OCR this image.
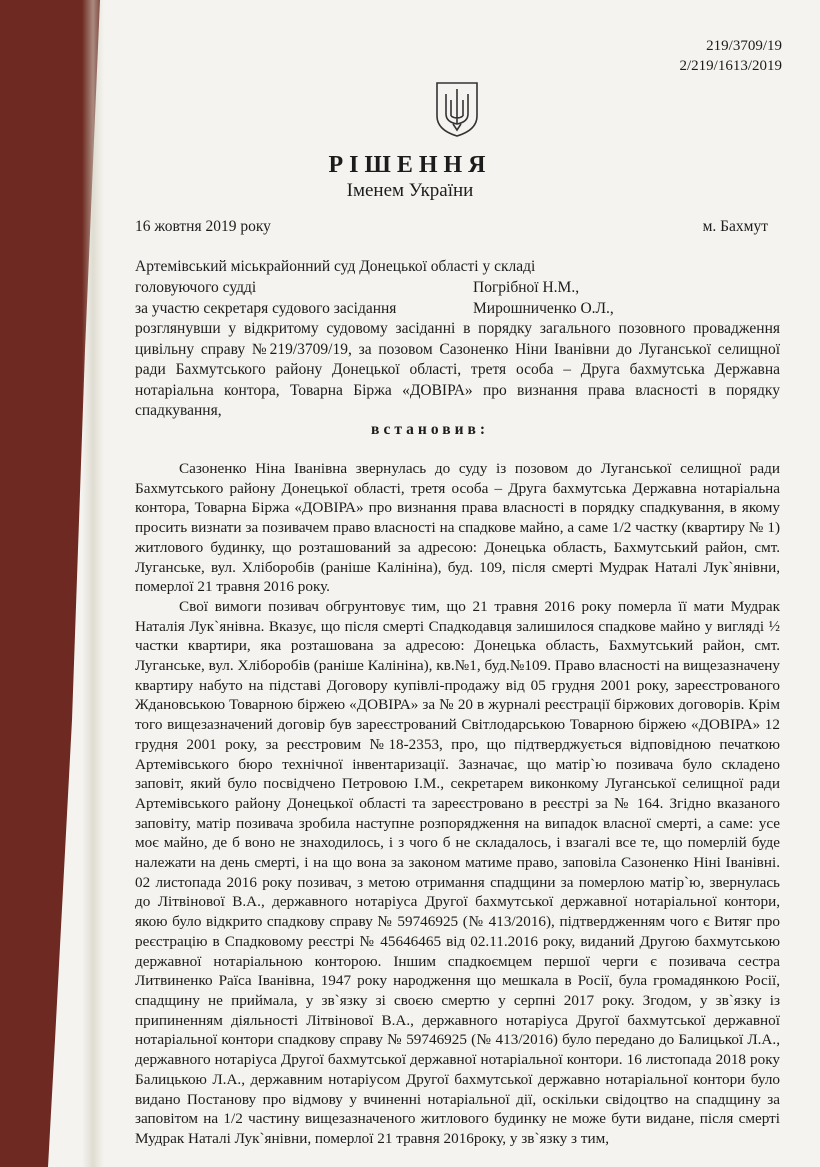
219/3709/19
2/219/1613/2019
РІШЕННЯ
Іменем України
16 жовтня 2019 року	м. Бахмут
Артемівський міськрайонний суд Донецької області у складі
головуючого судді	Погрібної Н.М.,
за участю секретаря судового засідання	Мирошниченко О.Л.,
розглянувши у відкритому судовому засіданні в порядку загального позовного провадження цивільну справу №219/3709/19, за позовом Сазоненко Ніни Іванівни до Луганської селищної ради Бахмутського району Донецької області, третя особа – Друга бахмутська Державна нотаріальна контора, Товарна Біржа «ДОВІРА» про визнання права власності в порядку спадкування,
встановив:

Сазоненко Ніна Іванівна звернулась до суду із позовом до Луганської селищної ради Бахмутського району Донецької області, третя особа – Друга бахмутська Державна нотаріальна контора, Товарна Біржа «ДОВІРА» про визнання права власності в порядку спадкування, в якому просить визнати за позивачем право власності на спадкове майно, а саме 1/2 частку (квартиру № 1) житлового будинку, що розташований за адресою: Донецька область, Бахмутський район, смт. Луганське, вул. Хліборобів (раніше Калініна), буд. 109, після смерті Мудрак Наталі Лук`янівни, померлої 21 травня 2016 року.

Свої вимоги позивач обгрунтовує тим, що 21 травня 2016 року померла її мати Мудрак Наталія Лук`янівна. Вказує, що після смерті Спадкодавця залишилося спадкове майно у вигляді ½ частки квартири, яка розташована за адресою: Донецька область, Бахмутський район, смт. Луганське, вул. Хліборобів (раніше Калініна), кв.№1, буд.№109. Право власності на вищезазначену квартиру набуто на підставі Договору купівлі-продажу від 05 грудня 2001 року, зареєстрованого Ждановською Товарною біржею «ДОВІРА» за № 20 в журналі реєстрації біржових договорів. Крім того вищезазначений договір був зареєстрований Світлодарською Товарною біржею «ДОВІРА» 12 грудня 2001 року, за реєстровим №18-2353, про, що підтверджується відповідною печаткою Артемівського бюро технічної інвентаризації. Зазначає, що матір`ю позивача було складено заповіт, який було посвідчено Петровою І.М., секретарем виконкому Луганської селищної ради Артемівського району Донецької області та зареєстровано в реєстрі за № 164. Згідно вказаного заповіту, матір позивача зробила наступне розпорядження на випадок власної смерті, а саме: усе моє майно, де б воно не знаходилось, і з чого б не складалось, і взагалі все те, що померлій буде належати на день смерті, і на що вона за законом матиме право, заповіла Сазоненко Ніні Іванівні. 02 листопада 2016 року позивач, з метою отримання спадщини за померлою матір`ю, звернулась до Літвінової В.А., державного нотаріуса Другої бахмутської державної нотаріальної контори, якою було відкрито спадкову справу № 59746925 (№ 413/2016), підтвердженням чого є Витяг про реєстрацію в Спадковому реєстрі № 45646465 від 02.11.2016 року, виданий Другою бахмутською державної нотаріальною конторою. Іншим спадкоємцем першої черги є позивача сестра Литвиненко Раїса Іванівна, 1947 року народження що мешкала в Росії, була громадянкою Росії, спадщину не приймала, у зв`язку зі своєю смертю у серпні 2017 року. Згодом, у зв`язку із припиненням діяльності Літвінової В.А., державного нотаріуса Другої бахмутської державної нотаріальної контори спадкову справу № 59746925 (№ 413/2016) було передано до Балицької Л.А., державного нотаріуса Другої бахмутської державної нотаріальної контори. 16 листопада 2018 року Балицькою Л.А., державним нотаріусом Другої бахмутської державно нотаріальної контори було видано Постанову про відмову у вчиненні нотаріальної дії, оскільки свідоцтво на спадщину за заповітом на 1/2 частину вищезазначеного житлового будинку не може бути видане, після смерті Мудрак Наталі Лук`янівни, померлої 21 травня 2016року, у зв`язку з тим,
